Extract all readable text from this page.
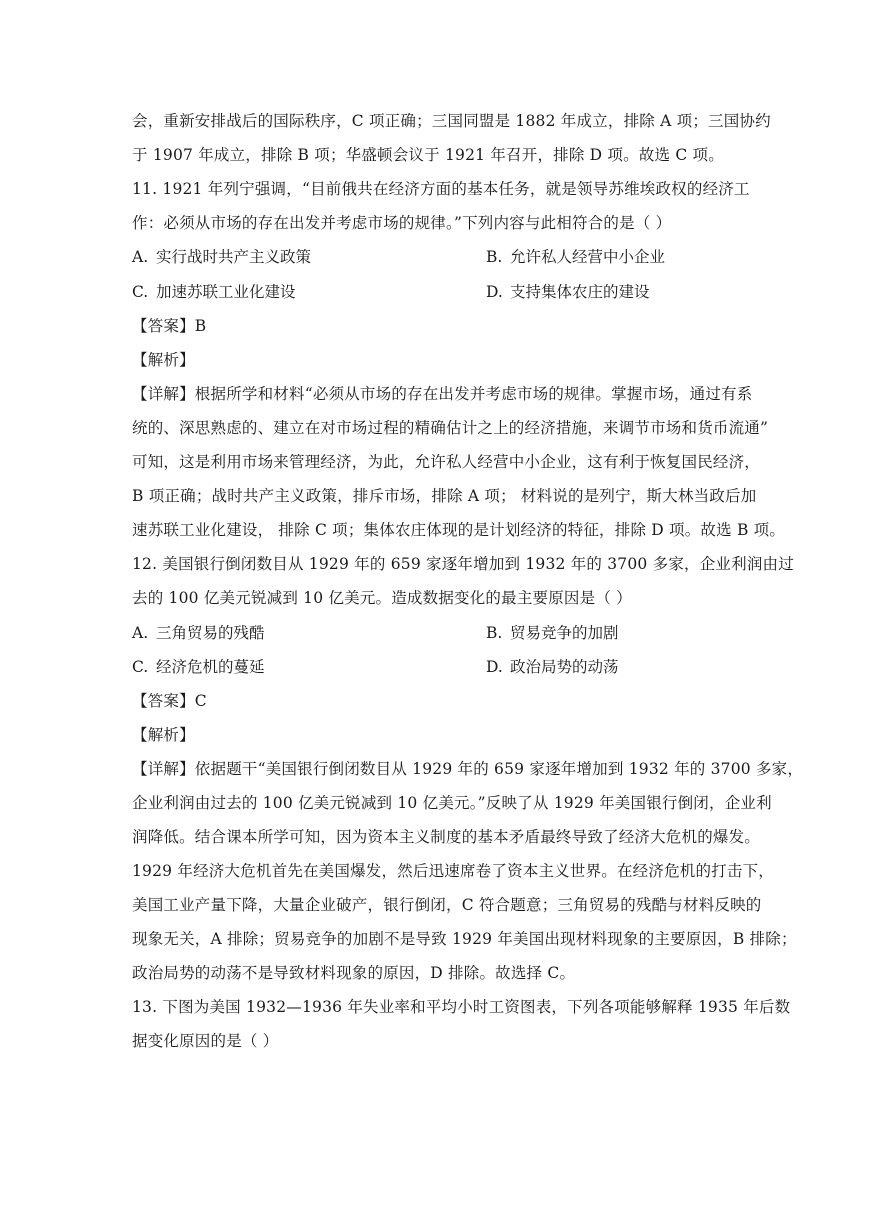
会，重新安排战后的国际秩序，C 项正确；三国同盟是 1882 年成立，排除 A 项；三国协约
于 1907 年成立，排除 B 项；华盛顿会议于 1921 年召开，排除 D 项。故选 C 项。
11. 1921 年列宁强调，“目前俄共在经济方面的基本任务，就是领导苏维埃政权的经济工
作：必须从市场的存在出发并考虑市场的规律。”下列内容与此相符合的是（ ）
A. 实行战时共产主义政策	B. 允许私人经营中小企业
C. 加速苏联工业化建设	D. 支持集体农庄的建设
【答案】B
【解析】
【详解】根据所学和材料“必须从市场的存在出发并考虑市场的规律。掌握市场，通过有系
统的、深思熟虑的、建立在对市场过程的精确估计之上的经济措施，来调节市场和货币流通”
可知，这是利用市场来管理经济，为此，允许私人经营中小企业，这有利于恢复国民经济，
B 项正确；战时共产主义政策，排斥市场，排除 A 项； 材料说的是列宁，斯大林当政后加
速苏联工业化建设， 排除 C 项；集体农庄体现的是计划经济的特征，排除 D 项。故选 B 项。
12. 美国银行倒闭数目从 1929 年的 659 家逐年增加到 1932 年的 3700 多家，企业利润由过
去的 100 亿美元锐减到 10 亿美元。造成数据变化的最主要原因是（ ）
A. 三角贸易的残酷	B. 贸易竞争的加剧
C. 经济危机的蔓延	D. 政治局势的动荡
【答案】C
【解析】
【详解】依据题干“美国银行倒闭数目从 1929 年的 659 家逐年增加到 1932 年的 3700 多家，
企业利润由过去的 100 亿美元锐减到 10 亿美元。”反映了从 1929 年美国银行倒闭，企业利
润降低。结合课本所学可知，因为资本主义制度的基本矛盾最终导致了经济大危机的爆发。
1929 年经济大危机首先在美国爆发，然后迅速席卷了资本主义世界。在经济危机的打击下，
美国工业产量下降，大量企业破产，银行倒闭，C 符合题意；三角贸易的残酷与材料反映的
现象无关，A 排除；贸易竞争的加剧不是导致 1929 年美国出现材料现象的主要原因，B 排除；
政治局势的动荡不是导致材料现象的原因，D 排除。故选择 C。
13. 下图为美国 1932—1936 年失业率和平均小时工资图表，下列各项能够解释 1935 年后数
据变化原因的是（ ）
